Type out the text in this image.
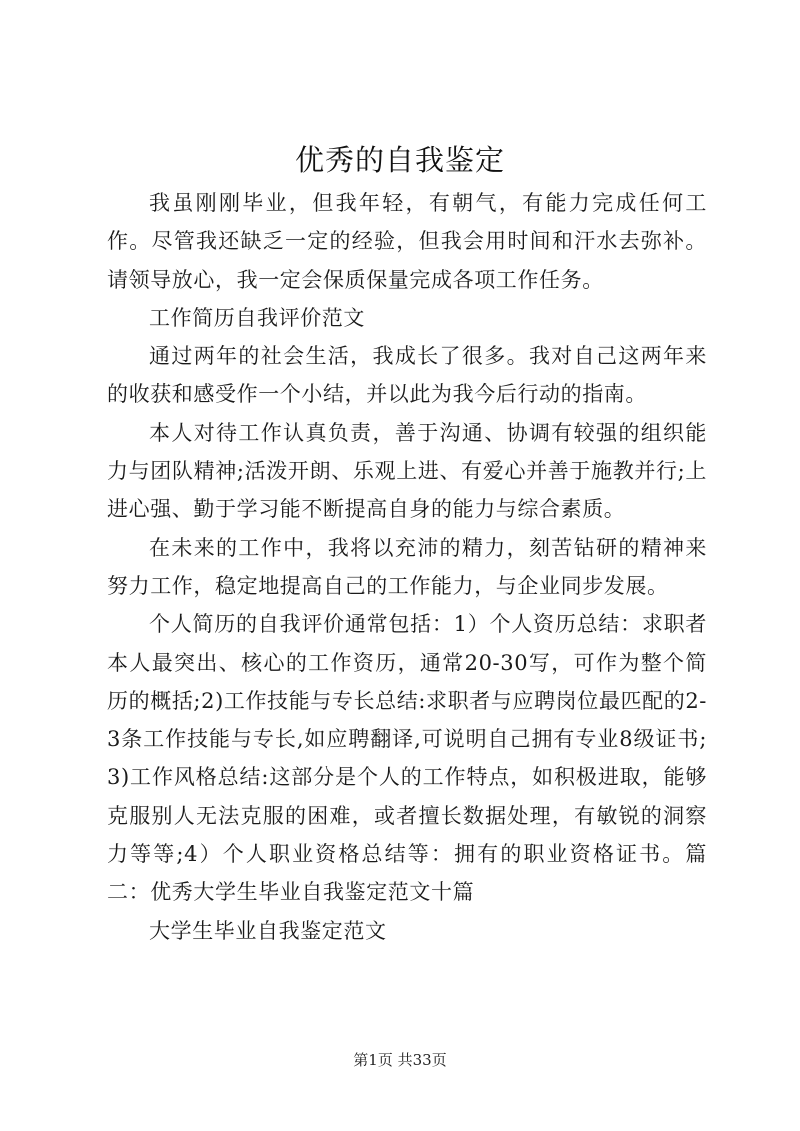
优秀的自我鉴定

我虽刚刚毕业，但我年轻，有朝气，有能力完成任何工作。尽管我还缺乏一定的经验，但我会用时间和汗水去弥补。请领导放心，我一定会保质保量完成各项工作任务。

工作简历自我评价范文

通过两年的社会生活，我成长了很多。我对自己这两年来的收获和感受作一个小结，并以此为我今后行动的指南。

本人对待工作认真负责，善于沟通、协调有较强的组织能力与团队精神;活泼开朗、乐观上进、有爱心并善于施教并行;上进心强、勤于学习能不断提高自身的能力与综合素质。

在未来的工作中，我将以充沛的精力，刻苦钻研的精神来努力工作，稳定地提高自己的工作能力，与企业同步发展。

个人简历的自我评价通常包括：1）个人资历总结：求职者本人最突出、核心的工作资历，通常20-30写，可作为整个简历的概括;2)工作技能与专长总结:求职者与应聘岗位最匹配的2-3条工作技能与专长,如应聘翻译,可说明自己拥有专业8级证书;3)工作风格总结:这部分是个人的工作特点，如积极进取，能够克服别人无法克服的困难，或者擅长数据处理，有敏锐的洞察力等等;4）个人职业资格总结等：拥有的职业资格证书。篇二：优秀大学生毕业自我鉴定范文十篇

大学生毕业自我鉴定范文

第1页 共33页
